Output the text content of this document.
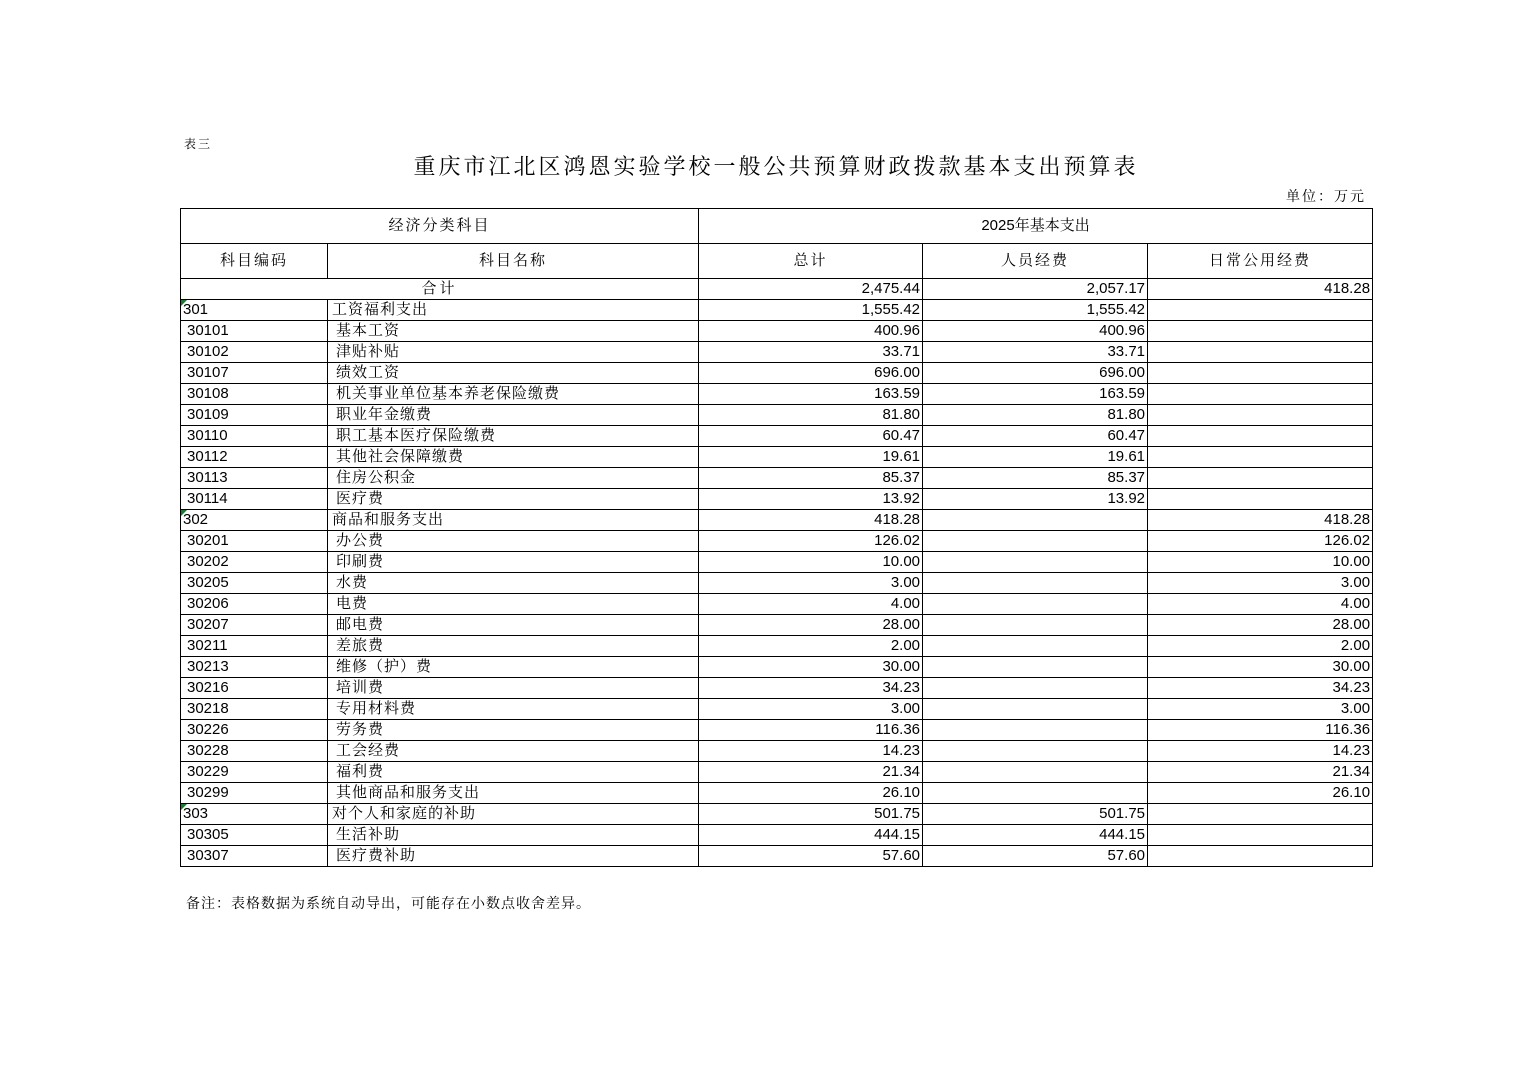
表三
重庆市江北区鸿恩实验学校一般公共预算财政拨款基本支出预算表
单位：万元
经济分类科目		2025年基本支出		
科目编码	科目名称	总计	人员经费	日常公用经费
合计		2,475.44	2,057.17	418.28
301	工资福利支出	1,555.42	1,555.42	
30101	基本工资	400.96	400.96	
30102	津贴补贴	33.71	33.71	
30107	绩效工资	696.00	696.00	
30108	机关事业单位基本养老保险缴费	163.59	163.59	
30109	职业年金缴费	81.80	81.80	
30110	职工基本医疗保险缴费	60.47	60.47	
30112	其他社会保障缴费	19.61	19.61	
30113	住房公积金	85.37	85.37	
30114	医疗费	13.92	13.92	
302	商品和服务支出	418.28		418.28
30201	办公费	126.02		126.02
30202	印刷费	10.00		10.00
30205	水费	3.00		3.00
30206	电费	4.00		4.00
30207	邮电费	28.00		28.00
30211	差旅费	2.00		2.00
30213	维修（护）费	30.00		30.00
30216	培训费	34.23		34.23
30218	专用材料费	3.00		3.00
30226	劳务费	116.36		116.36
30228	工会经费	14.23		14.23
30229	福利费	21.34		21.34
30299	其他商品和服务支出	26.10		26.10
303	对个人和家庭的补助	501.75	501.75	
30305	生活补助	444.15	444.15	
30307	医疗费补助	57.60	57.60	
备注：表格数据为系统自动导出，可能存在小数点收舍差异。
